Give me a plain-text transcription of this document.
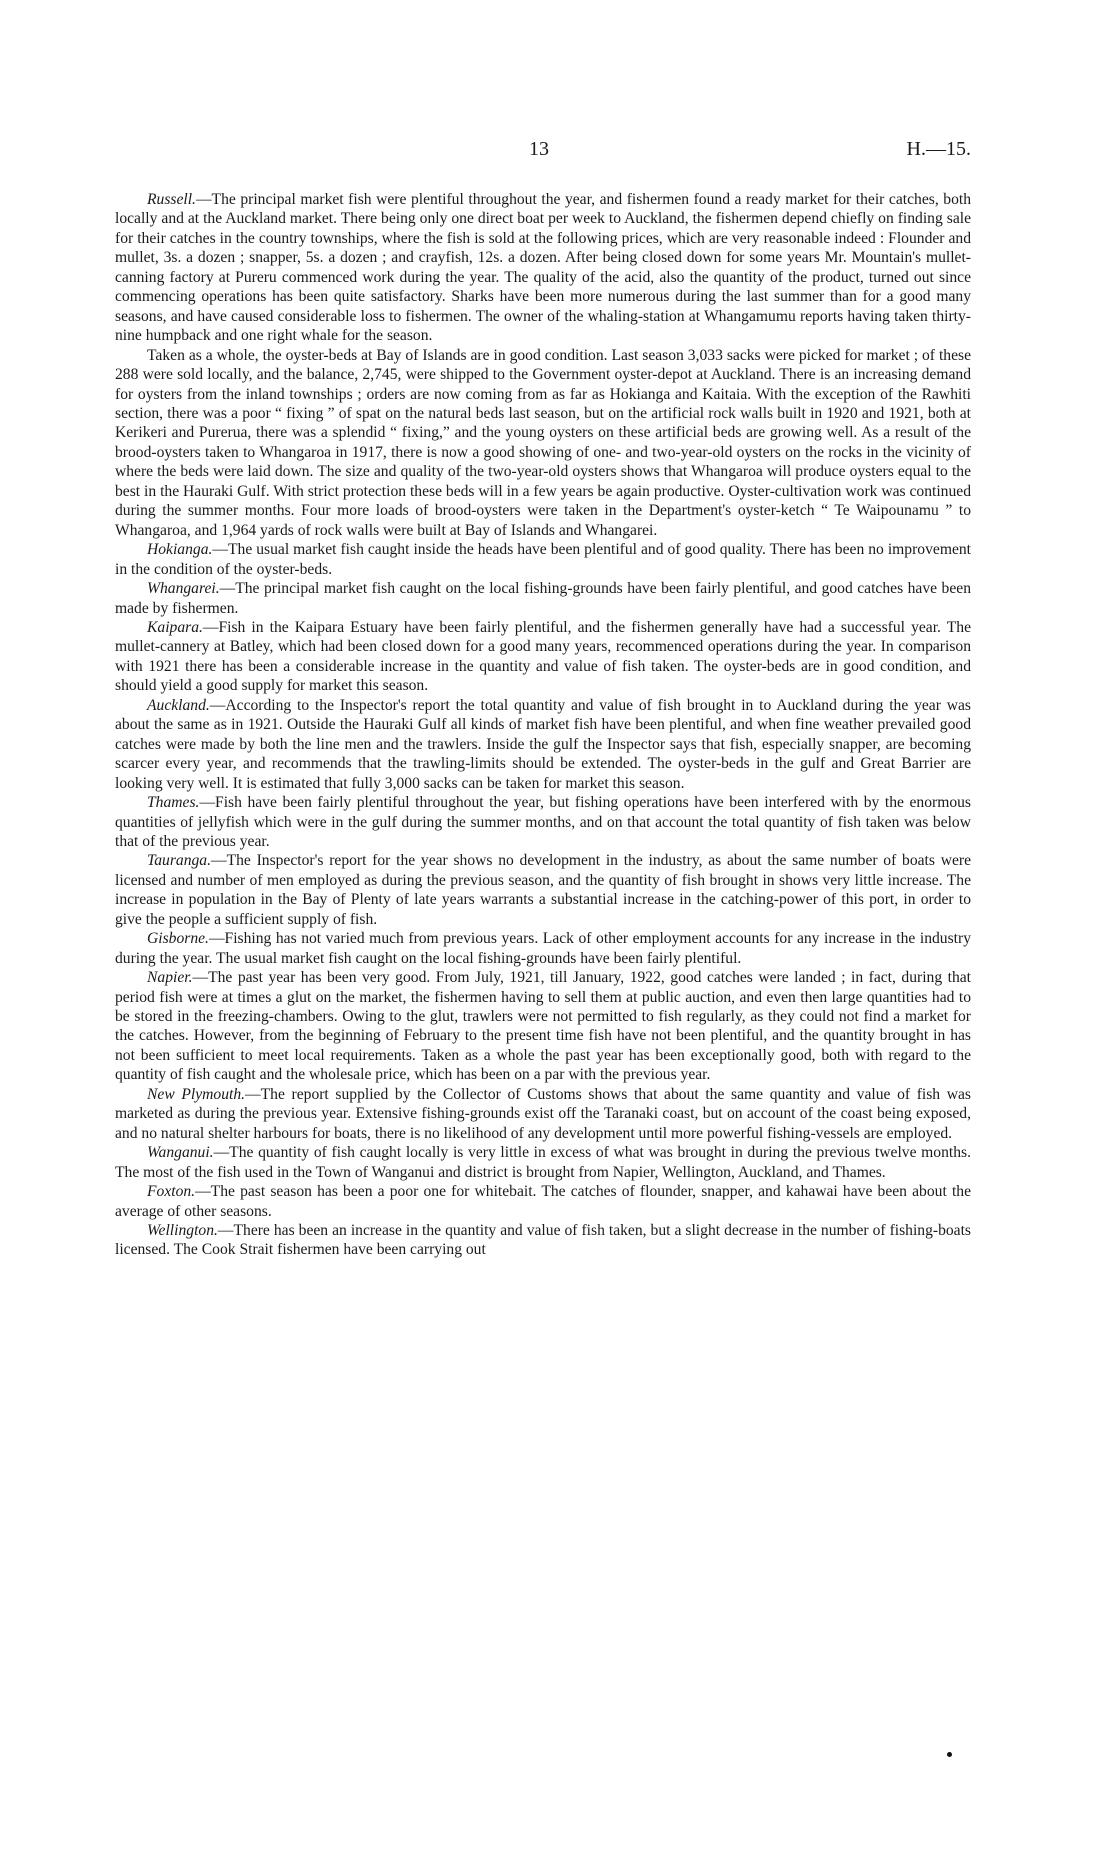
13	H.—15.

Russell.—The principal market fish were plentiful throughout the year, and fishermen found a ready market for their catches, both locally and at the Auckland market. There being only one direct boat per week to Auckland, the fishermen depend chiefly on finding sale for their catches in the country townships, where the fish is sold at the following prices, which are very reasonable indeed : Flounder and mullet, 3s. a dozen ; snapper, 5s. a dozen ; and crayfish, 12s. a dozen. After being closed down for some years Mr. Mountain's mullet-canning factory at Pureru commenced work during the year. The quality of the acid, also the quantity of the product, turned out since commencing operations has been quite satisfactory. Sharks have been more numerous during the last summer than for a good many seasons, and have caused considerable loss to fishermen. The owner of the whaling-station at Whangamumu reports having taken thirty-nine humpback and one right whale for the season.

Taken as a whole, the oyster-beds at Bay of Islands are in good condition. Last season 3,033 sacks were picked for market ; of these 288 were sold locally, and the balance, 2,745, were shipped to the Government oyster-depot at Auckland. There is an increasing demand for oysters from the inland townships ; orders are now coming from as far as Hokianga and Kaitaia. With the exception of the Rawhiti section, there was a poor “ fixing ” of spat on the natural beds last season, but on the artificial rock walls built in 1920 and 1921, both at Kerikeri and Purerua, there was a splendid “ fixing,” and the young oysters on these artificial beds are growing well. As a result of the brood-oysters taken to Whangaroa in 1917, there is now a good showing of one- and two-year-old oysters on the rocks in the vicinity of where the beds were laid down. The size and quality of the two-year-old oysters shows that Whangaroa will produce oysters equal to the best in the Hauraki Gulf. With strict protection these beds will in a few years be again productive. Oyster-cultivation work was continued during the summer months. Four more loads of brood-oysters were taken in the Department's oyster-ketch “ Te Waipounamu ” to Whangaroa, and 1,964 yards of rock walls were built at Bay of Islands and Whangarei.

Hokianga.—The usual market fish caught inside the heads have been plentiful and of good quality. There has been no improvement in the condition of the oyster-beds.

Whangarei.—The principal market fish caught on the local fishing-grounds have been fairly plentiful, and good catches have been made by fishermen.

Kaipara.—Fish in the Kaipara Estuary have been fairly plentiful, and the fishermen generally have had a successful year. The mullet-cannery at Batley, which had been closed down for a good many years, recommenced operations during the year. In comparison with 1921 there has been a considerable increase in the quantity and value of fish taken. The oyster-beds are in good condition, and should yield a good supply for market this season.

Auckland.—According to the Inspector's report the total quantity and value of fish brought in to Auckland during the year was about the same as in 1921. Outside the Hauraki Gulf all kinds of market fish have been plentiful, and when fine weather prevailed good catches were made by both the line men and the trawlers. Inside the gulf the Inspector says that fish, especially snapper, are becoming scarcer every year, and recommends that the trawling-limits should be extended. The oyster-beds in the gulf and Great Barrier are looking very well. It is estimated that fully 3,000 sacks can be taken for market this season.

Thames.—Fish have been fairly plentiful throughout the year, but fishing operations have been interfered with by the enormous quantities of jellyfish which were in the gulf during the summer months, and on that account the total quantity of fish taken was below that of the previous year.

Tauranga.—The Inspector's report for the year shows no development in the industry, as about the same number of boats were licensed and number of men employed as during the previous season, and the quantity of fish brought in shows very little increase. The increase in population in the Bay of Plenty of late years warrants a substantial increase in the catching-power of this port, in order to give the people a sufficient supply of fish.

Gisborne.—Fishing has not varied much from previous years. Lack of other employment accounts for any increase in the industry during the year. The usual market fish caught on the local fishing-grounds have been fairly plentiful.

Napier.—The past year has been very good. From July, 1921, till January, 1922, good catches were landed ; in fact, during that period fish were at times a glut on the market, the fishermen having to sell them at public auction, and even then large quantities had to be stored in the freezing-chambers. Owing to the glut, trawlers were not permitted to fish regularly, as they could not find a market for the catches. However, from the beginning of February to the present time fish have not been plentiful, and the quantity brought in has not been sufficient to meet local requirements. Taken as a whole the past year has been exceptionally good, both with regard to the quantity of fish caught and the wholesale price, which has been on a par with the previous year.

New Plymouth.—The report supplied by the Collector of Customs shows that about the same quantity and value of fish was marketed as during the previous year. Extensive fishing-grounds exist off the Taranaki coast, but on account of the coast being exposed, and no natural shelter harbours for boats, there is no likelihood of any development until more powerful fishing-vessels are employed.

Wanganui.—The quantity of fish caught locally is very little in excess of what was brought in during the previous twelve months. The most of the fish used in the Town of Wanganui and district is brought from Napier, Wellington, Auckland, and Thames.

Foxton.—The past season has been a poor one for whitebait. The catches of flounder, snapper, and kahawai have been about the average of other seasons.

Wellington.—There has been an increase in the quantity and value of fish taken, but a slight decrease in the number of fishing-boats licensed. The Cook Strait fishermen have been carrying out
